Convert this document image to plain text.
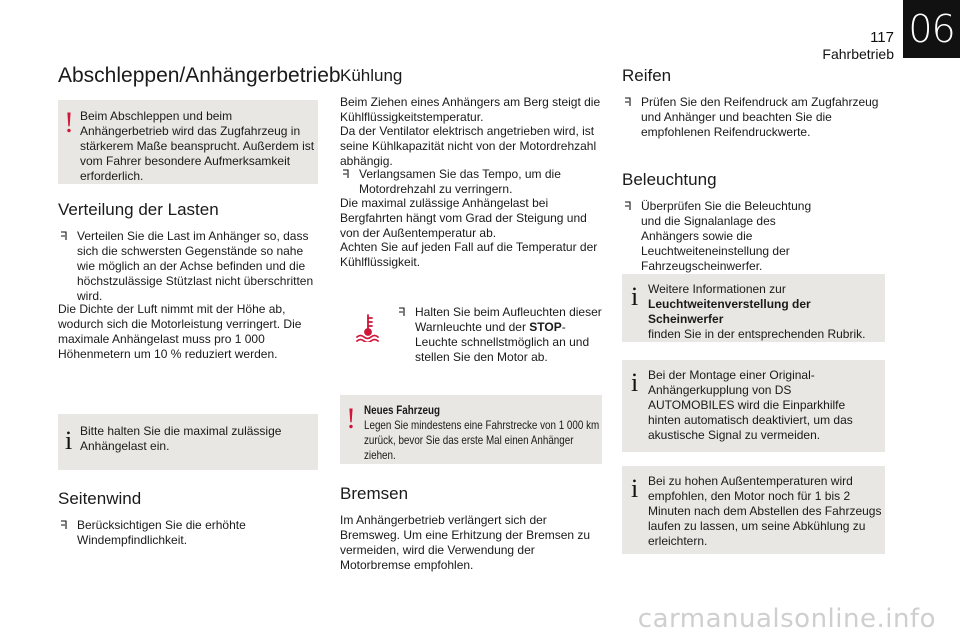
117
Fahrbetrieb
06
Abschleppen/Anhängerbetrieb
! Beim Abschleppen und beim Anhängerbetrieb wird das Zugfahrzeug in stärkerem Maße beansprucht. Außerdem ist vom Fahrer besondere Aufmerksamkeit erforderlich.
Verteilung der Lasten
Verteilen Sie die Last im Anhänger so, dass sich die schwersten Gegenstände so nahe wie möglich an der Achse befinden und die höchstzulässige Stützlast nicht überschritten wird.
Die Dichte der Luft nimmt mit der Höhe ab, wodurch sich die Motorleistung verringert. Die maximale Anhängelast muss pro 1 000 Höhenmetern um 10 % reduziert werden.
i Bitte halten Sie die maximal zulässige Anhängelast ein.
Seitenwind
Berücksichtigen Sie die erhöhte Windempfindlichkeit.
Kühlung
Beim Ziehen eines Anhängers am Berg steigt die Kühlflüssigkeitstemperatur.
Da der Ventilator elektrisch angetrieben wird, ist seine Kühlkapazität nicht von der Motordrehzahl abhängig.
Verlangsamen Sie das Tempo, um die Motordrehzahl zu verringern.
Die maximal zulässige Anhängelast bei Bergfahrten hängt vom Grad der Steigung und von der Außentemperatur ab.
Achten Sie auf jeden Fall auf die Temperatur der Kühlflüssigkeit.
Halten Sie beim Aufleuchten dieser Warnleuchte und der STOP-Leuchte schnellstmöglich an und stellen Sie den Motor ab.
! Neues Fahrzeug
Legen Sie mindestens eine Fahrstrecke von 1 000 km zurück, bevor Sie das erste Mal einen Anhänger ziehen.
Bremsen
Im Anhängerbetrieb verlängert sich der Bremsweg. Um eine Erhitzung der Bremsen zu vermeiden, wird die Verwendung der Motorbremse empfohlen.
Reifen
Prüfen Sie den Reifendruck am Zugfahrzeug und Anhänger und beachten Sie die empfohlenen Reifendruckwerte.
Beleuchtung
Überprüfen Sie die Beleuchtung und die Signalanlage des Anhängers sowie die Leuchtweiteneinstellung der Fahrzeugscheinwerfer.
i Weitere Informationen zur
Leuchtweitenverstellung der Scheinwerfer
finden Sie in der entsprechenden Rubrik.
i Bei der Montage einer Original-Anhängerkupplung von DS AUTOMOBILES wird die Einparkhilfe hinten automatisch deaktiviert, um das akustische Signal zu vermeiden.
i Bei zu hohen Außentemperaturen wird empfohlen, den Motor noch für 1 bis 2 Minuten nach dem Abstellen des Fahrzeugs laufen zu lassen, um seine Abkühlung zu erleichtern.
carmanualsonline.info
